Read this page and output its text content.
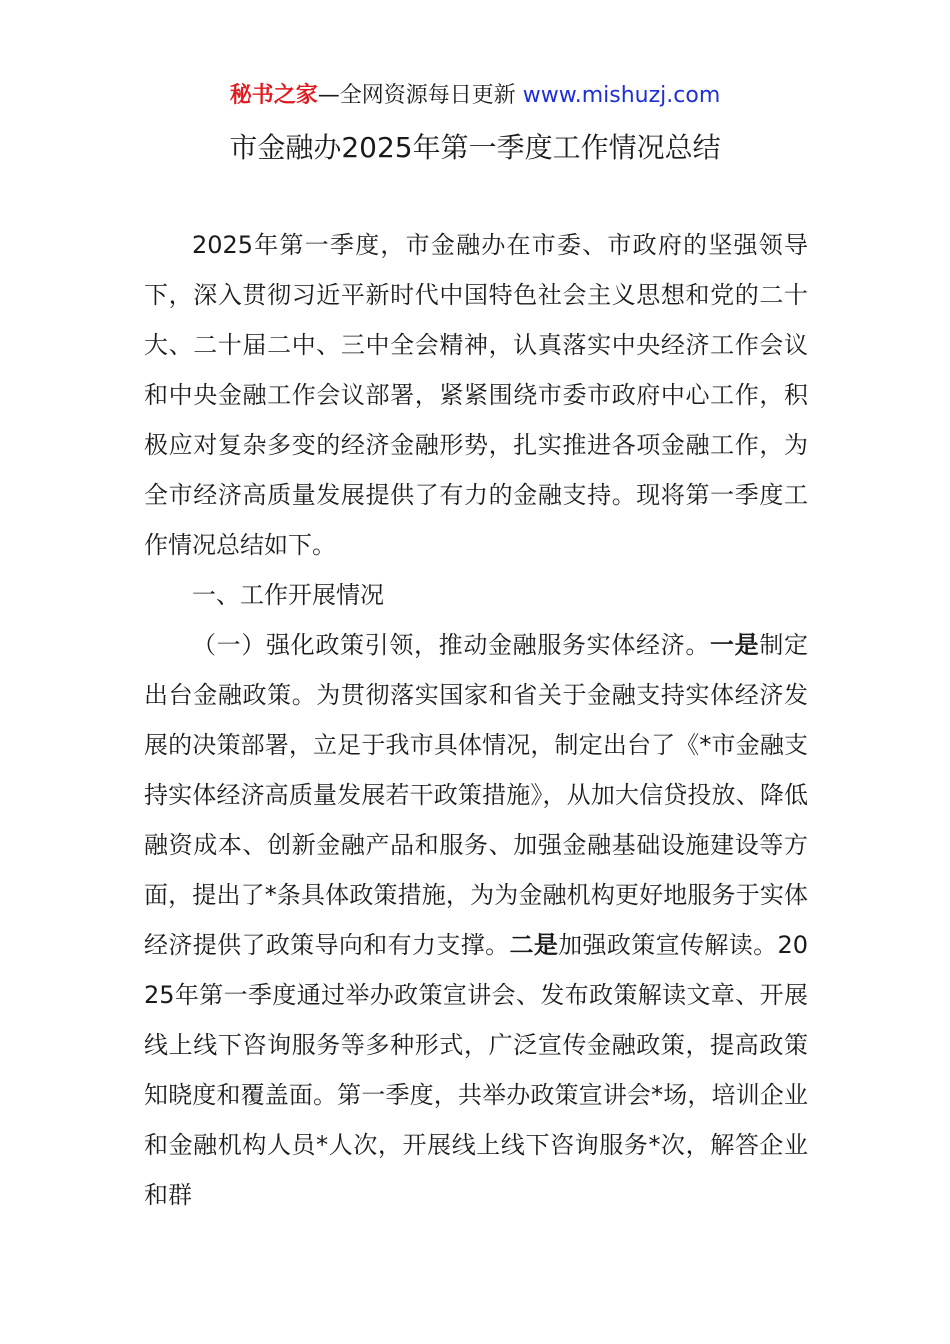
秘书之家—全网资源每日更新 www.mishuzj.com
市金融办2025年第一季度工作情况总结

2025年第一季度，市金融办在市委、市政府的坚强领导下，深入贯彻习近平新时代中国特色社会主义思想和党的二十大、二十届二中、三中全会精神，认真落实中央经济工作会议和中央金融工作会议部署，紧紧围绕市委市政府中心工作，积极应对复杂多变的经济金融形势，扎实推进各项金融工作，为全市经济高质量发展提供了有力的金融支持。现将第一季度工作情况总结如下。

一、工作开展情况

（一）强化政策引领，推动金融服务实体经济。一是制定出台金融政策。为贯彻落实国家和省关于金融支持实体经济发展的决策部署，立足于我市具体情况，制定出台了《*市金融支持实体经济高质量发展若干政策措施》，从加大信贷投放、降低融资成本、创新金融产品和服务、加强金融基础设施建设等方面，提出了*条具体政策措施，为为金融机构更好地服务于实体经济提供了政策导向和有力支撑。二是加强政策宣传解读。2025年第一季度通过举办政策宣讲会、发布政策解读文章、开展线上线下咨询服务等多种形式，广泛宣传金融政策，提高政策知晓度和覆盖面。第一季度，共举办政策宣讲会*场，培训企业和金融机构人员*人次，开展线上线下咨询服务*次，解答企业和群
